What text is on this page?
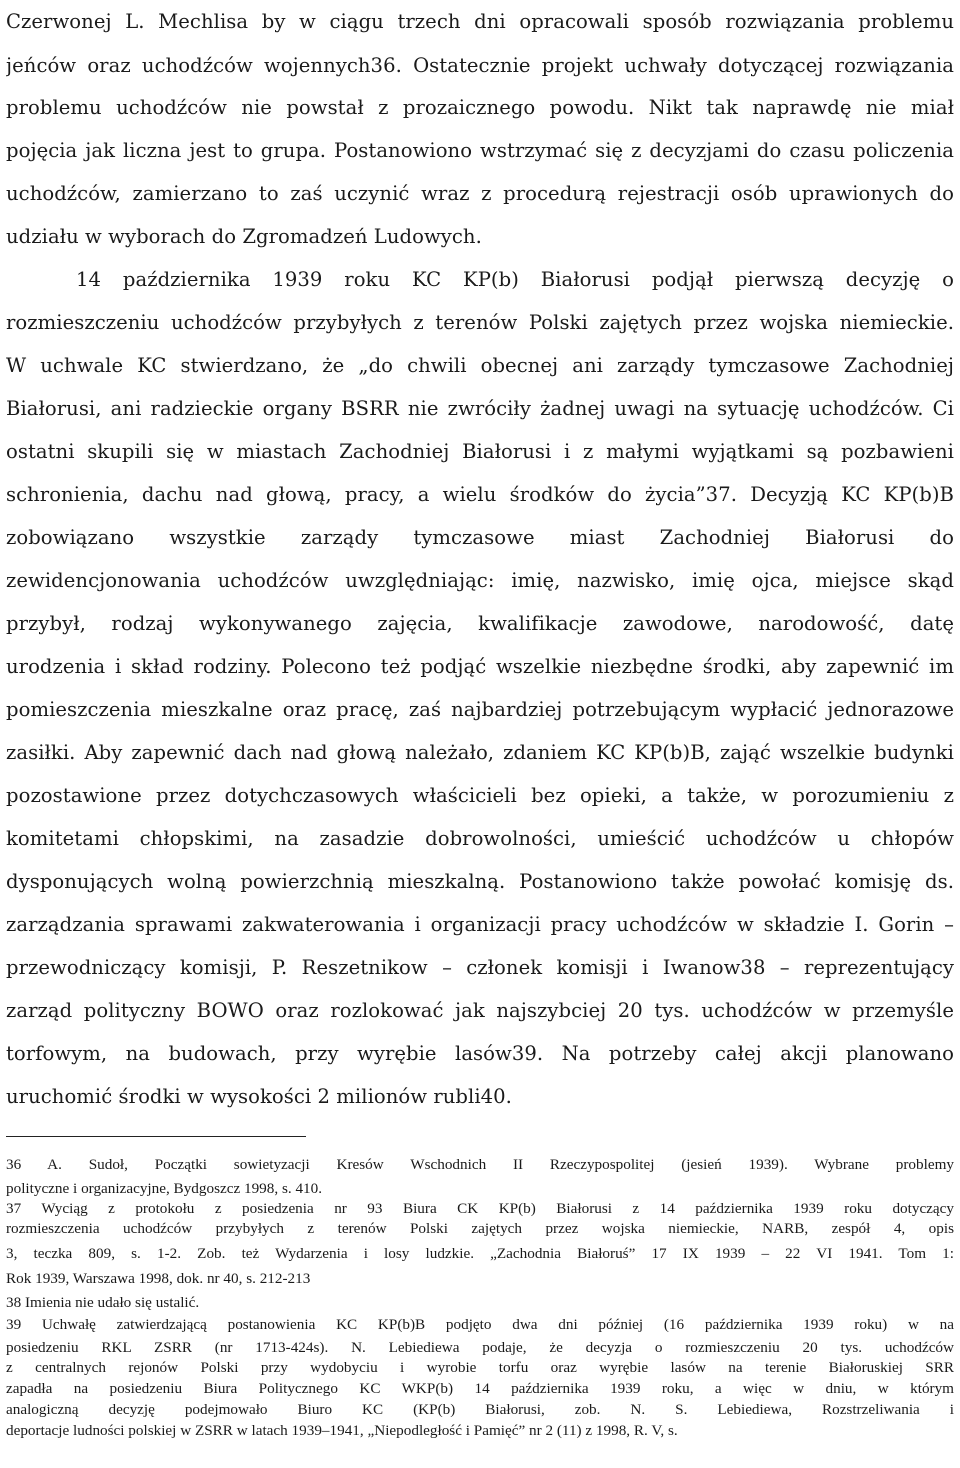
Czerwonej L. Mechlisa by w ciągu trzech dni opracowali sposób rozwiązania problemu
jeńców oraz uchodźców wojennych36. Ostatecznie projekt uchwały dotyczącej rozwiązania
problemu uchodźców nie powstał z prozaicznego powodu. Nikt tak naprawdę nie miał
pojęcia jak liczna jest to grupa. Postanowiono wstrzymać się z decyzjami do czasu policzenia
uchodźców, zamierzano to zaś uczynić wraz z procedurą rejestracji osób uprawionych do
udziału w wyborach do Zgromadzeń Ludowych.
14 października 1939 roku KC KP(b) Białorusi podjął pierwszą decyzję o
rozmieszczeniu uchodźców przybyłych z terenów Polski zajętych przez wojska niemieckie.
W uchwale KC stwierdzano, że „do chwili obecnej ani zarządy tymczasowe Zachodniej
Białorusi, ani radzieckie organy BSRR nie zwróciły żadnej uwagi na sytuację uchodźców. Ci
ostatni skupili się w miastach Zachodniej Białorusi i z małymi wyjątkami są pozbawieni
schronienia, dachu nad głową, pracy, a wielu środków do życia”37. Decyzją KC KP(b)B
zobowiązano wszystkie zarządy tymczasowe miast Zachodniej Białorusi do
zewidencjonowania uchodźców uwzględniając: imię, nazwisko, imię ojca, miejsce skąd
przybył, rodzaj wykonywanego zajęcia, kwalifikacje zawodowe, narodowość, datę
urodzenia i skład rodziny. Polecono też podjąć wszelkie niezbędne środki, aby zapewnić im
pomieszczenia mieszkalne oraz pracę, zaś najbardziej potrzebującym wypłacić jednorazowe
zasiłki. Aby zapewnić dach nad głową należało, zdaniem KC KP(b)B, zająć wszelkie budynki
pozostawione przez dotychczasowych właścicieli bez opieki, a także, w porozumieniu z
komitetami chłopskimi, na zasadzie dobrowolności, umieścić uchodźców u chłopów
dysponujących wolną powierzchnią mieszkalną. Postanowiono także powołać komisję ds.
zarządzania sprawami zakwaterowania i organizacji pracy uchodźców w składzie I. Gorin –
przewodniczący komisji, P. Reszetnikow – członek komisji i Iwanow38 – reprezentujący
zarząd polityczny BOWO oraz rozlokować jak najszybciej 20 tys. uchodźców w przemyśle
torfowym, na budowach, przy wyrębie lasów39. Na potrzeby całej akcji planowano
uruchomić środki w wysokości 2 milionów rubli40.
36 A. Sudoł, Początki sowietyzacji Kresów Wschodnich II Rzeczypospolitej (jesień 1939). Wybrane problemy
polityczne i organizacyjne, Bydgoszcz 1998, s. 410.
37 Wyciąg z protokołu z posiedzenia nr 93 Biura CK KP(b) Białorusi z 14 października 1939 roku dotyczący
rozmieszczenia uchodźców przybyłych z terenów Polski zajętych przez wojska niemieckie, NARB, zespół 4, opis
3, teczka 809, s. 1-2. Zob. też Wydarzenia i losy ludzkie. „Zachodnia Białoruś” 17 IX 1939 – 22 VI 1941. Tom 1:
Rok 1939, Warszawa 1998, dok. nr 40, s. 212-213
38 Imienia nie udało się ustalić.
39 Uchwałę zatwierdzającą postanowienia KC KP(b)B podjęto dwa dni później (16 października 1939 roku) w na
posiedzeniu RKL ZSRR (nr 1713-424s). N. Lebiediewa podaje, że decyzja o rozmieszczeniu 20 tys. uchodźców
z centralnych rejonów Polski przy wydobyciu i wyrobie torfu oraz wyrębie lasów na terenie Białoruskiej SRR
zapadła na posiedzeniu Biura Politycznego KC WKP(b) 14 października 1939 roku, a więc w dniu, w którym
analogiczną decyzję podejmowało Biuro KC (KP(b) Białorusi, zob. N. S. Lebiediewa, Rozstrzeliwania i
deportacje ludności polskiej w ZSRR w latach 1939–1941, „Niepodległość i Pamięć” nr 2 (11) z 1998, R. V, s.
